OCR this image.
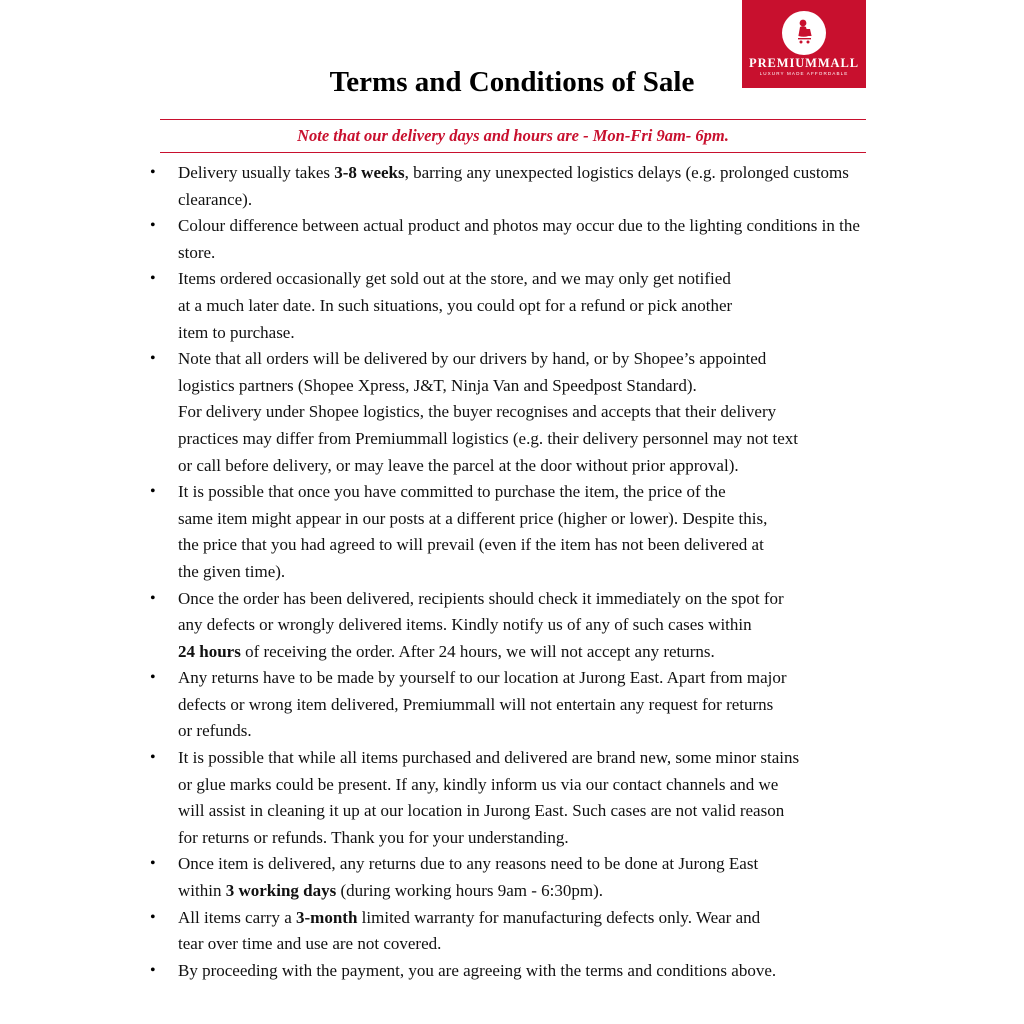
PREMIUMMALL
LUXURY MADE AFFORDABLE
Terms and Conditions of Sale
Note that our delivery days and hours are - Mon-Fri 9am- 6pm.
•	Delivery usually takes 3-8 weeks, barring any unexpected logistics delays (e.g. prolonged customs clearance).
•	Colour difference between actual product and photos may occur due to the lighting conditions in the store.
•	Items ordered occasionally get sold out at the store, and we may only get notified
at a much later date. In such situations, you could opt for a refund or pick another
item to purchase.
•	Note that all orders will be delivered by our drivers by hand, or by Shopee’s appointed
logistics partners (Shopee Xpress, J&T, Ninja Van and Speedpost Standard).
For delivery under Shopee logistics, the buyer recognises and accepts that their delivery
practices may differ from Premiummall logistics (e.g. their delivery personnel may not text
or call before delivery, or may leave the parcel at the door without prior approval).
•	It is possible that once you have committed to purchase the item, the price of the
same item might appear in our posts at a different price (higher or lower). Despite this,
the price that you had agreed to will prevail (even if the item has not been delivered at
the given time).
•	Once the order has been delivered, recipients should check it immediately on the spot for
any defects or wrongly delivered items. Kindly notify us of any of such cases within
24 hours of receiving the order. After 24 hours, we will not accept any returns.
•	Any returns have to be made by yourself to our location at Jurong East. Apart from major
defects or wrong item delivered, Premiummall will not entertain any request for returns
or refunds.
•	It is possible that while all items purchased and delivered are brand new, some minor stains
or glue marks could be present. If any, kindly inform us via our contact channels and we
will assist in cleaning it up at our location in Jurong East. Such cases are not valid reason
for returns or refunds. Thank you for your understanding.
•	Once item is delivered, any returns due to any reasons need to be done at Jurong East
within 3 working days (during working hours 9am - 6:30pm).
•	All items carry a 3-month limited warranty for manufacturing defects only. Wear and
tear over time and use are not covered.
•	By proceeding with the payment, you are agreeing with the terms and conditions above.
